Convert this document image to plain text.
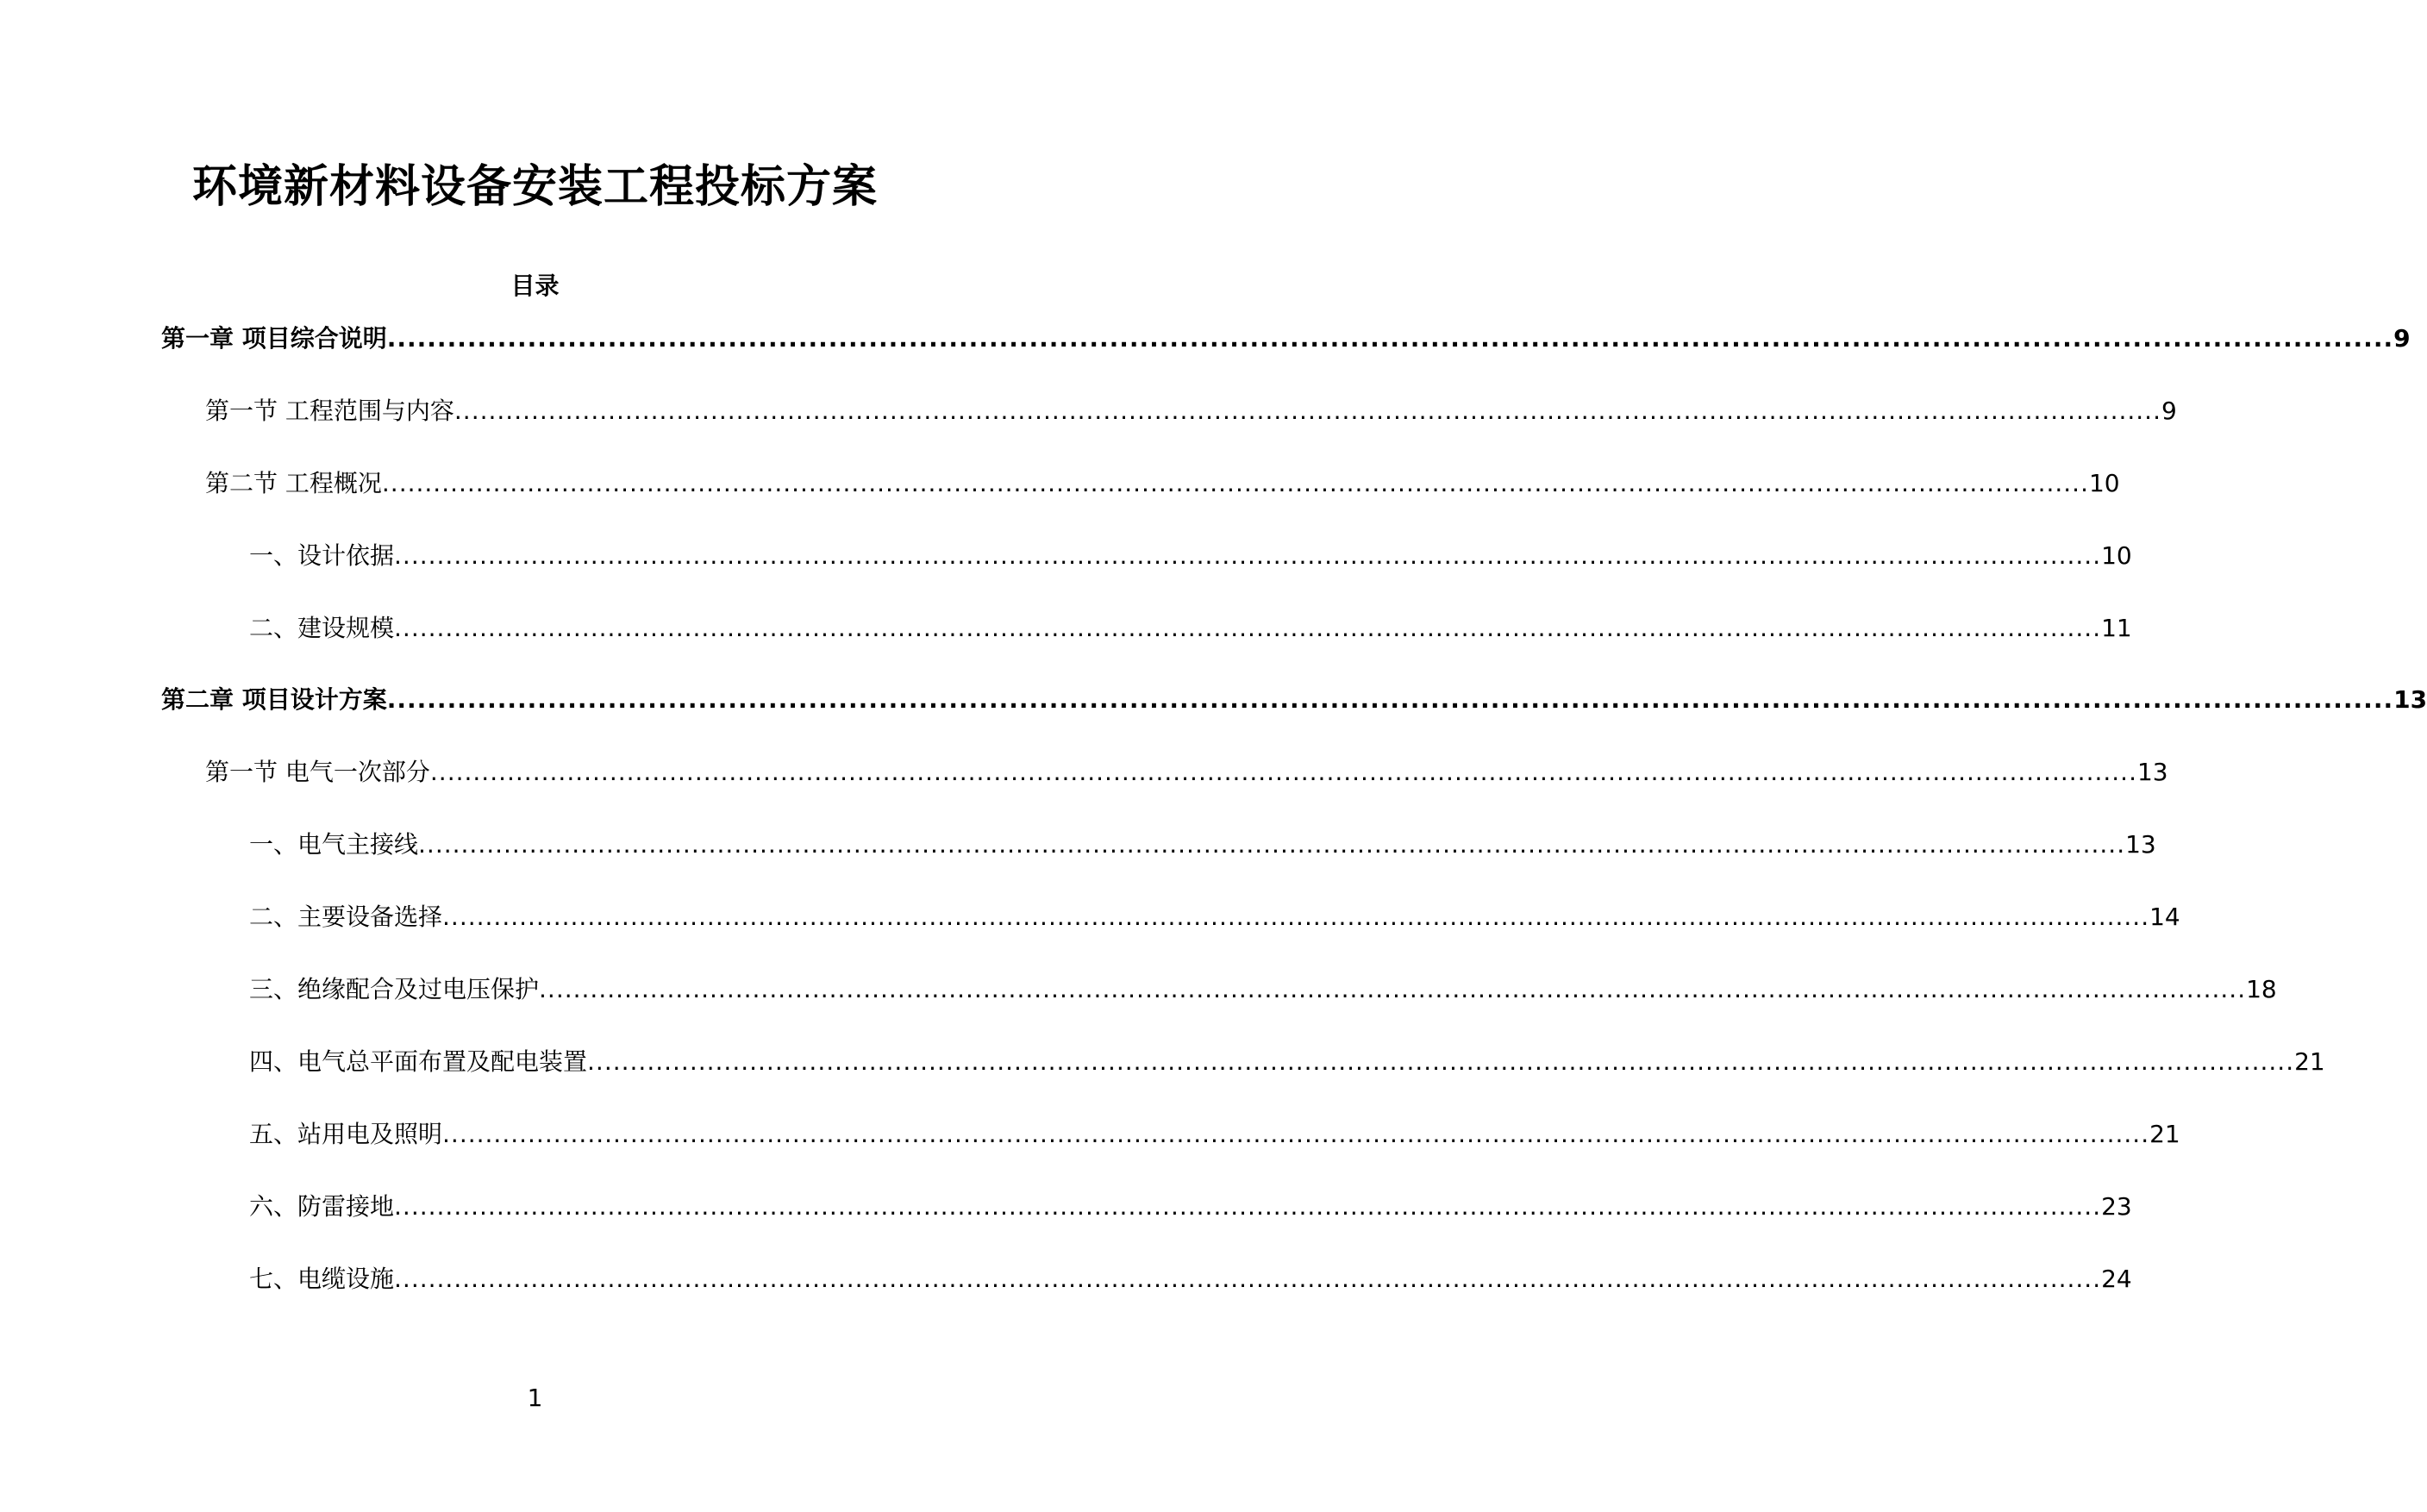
环境新材料设备安装工程投标方案
目录
第一章 项目综合说明 ........................................................................................................................................................................................................ 9
第一节 工程范围与内容 ........................................................................................................................................................................................................ 9
第二节 工程概况 ........................................................................................................................................................................................................ 10
一、设计依据 ........................................................................................................................................................................................................ 10
二、建设规模 ........................................................................................................................................................................................................ 11
第二章 项目设计方案 ........................................................................................................................................................................................................ 13
第一节 电气一次部分 ........................................................................................................................................................................................................ 13
一、电气主接线 ........................................................................................................................................................................................................ 13
二、主要设备选择 ........................................................................................................................................................................................................ 14
三、绝缘配合及过电压保护 ........................................................................................................................................................................................................ 18
四、电气总平面布置及配电装置 ........................................................................................................................................................................................................ 21
五、站用电及照明 ........................................................................................................................................................................................................ 21
六、防雷接地 ........................................................................................................................................................................................................ 23
七、电缆设施 ........................................................................................................................................................................................................ 24
1
